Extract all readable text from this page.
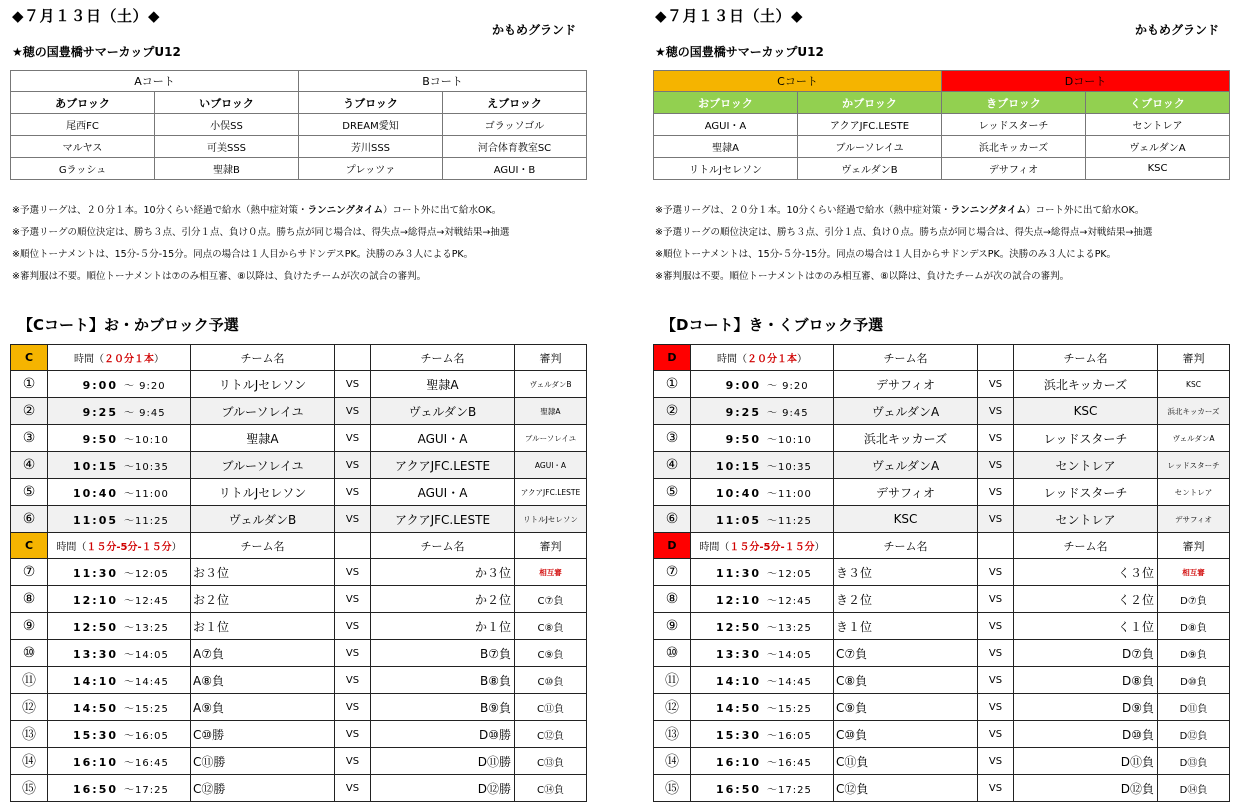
◆７月１３日（土）◆
かもめグランド
★穂の国豊橋サマーカップU12
Aコート		Bコート	
あブロック	いブロック	うブロック	えブロック
尾西FC	小俣SS	DREAM愛知	ゴラッソゴル
マルヤス	可美SSS	芳川SSS	河合体育教室SC
Gラッシュ	聖隷B	プレッツァ	AGUI・B
※予選リーグは、２０分１本。10分くらい経過で給水（熱中症対策・ランニングタイム）コート外に出て給水OK。
※予選リーグの順位決定は、勝ち３点、引分１点、負け０点。勝ち点が同じ場合は、得失点→総得点→対戦結果→抽選
※順位トーナメントは、15分-５分-15分。同点の場合は１人目からサドンデスPK。決勝のみ３人によるPK。
※審判服は不要。順位トーナメントは⑦のみ相互審、⑧以降は、負けたチームが次の試合の審判。
【Cコート】お・かブロック予選
C	時間（２０分１本）	チーム名		チーム名	審判
①	9:00 ～ 9:20	リトルJセレソン	VS	聖隷A	ヴェルダンB
②	9:25 ～ 9:45	ブルーソレイユ	VS	ヴェルダンB	聖隷A
③	9:50 ～10:10	聖隷A	VS	AGUI・A	ブルーソレイユ
④	10:15 ～10:35	ブルーソレイユ	VS	アクアJFC.LESTE	AGUI・A
⑤	10:40 ～11:00	リトルJセレソン	VS	AGUI・A	アクアJFC.LESTE
⑥	11:05 ～11:25	ヴェルダンB	VS	アクアJFC.LESTE	リトルJセレソン
C	時間（１５分-5分-１５分）	チーム名		チーム名	審判
⑦	11:30 ～12:05	お３位	VS	か３位	相互審
⑧	12:10 ～12:45	お２位	VS	か２位	C⑦負
⑨	12:50 ～13:25	お１位	VS	か１位	C⑧負
⑩	13:30 ～14:05	A⑦負	VS	B⑦負	C⑨負
⑪	14:10 ～14:45	A⑧負	VS	B⑧負	C⑩負
⑫	14:50 ～15:25	A⑨負	VS	B⑨負	C⑪負
⑬	15:30 ～16:05	C⑩勝	VS	D⑩勝	C⑫負
⑭	16:10 ～16:45	C⑪勝	VS	D⑪勝	C⑬負
⑮	16:50 ～17:25	C⑫勝	VS	D⑫勝	C⑭負
◆７月１３日（土）◆
かもめグランド
★穂の国豊橋サマーカップU12
Cコート		Dコート	
おブロック	かブロック	きブロック	くブロック
AGUI・A	アクアJFC.LESTE	レッドスターチ	セントレア
聖隷A	ブルーソレイユ	浜北キッカーズ	ヴェルダンA
リトルJセレソン	ヴェルダンB	デサフィオ	KSC
※予選リーグは、２０分１本。10分くらい経過で給水（熱中症対策・ランニングタイム）コート外に出て給水OK。
※予選リーグの順位決定は、勝ち３点、引分１点、負け０点。勝ち点が同じ場合は、得失点→総得点→対戦結果→抽選
※順位トーナメントは、15分-５分-15分。同点の場合は１人目からサドンデスPK。決勝のみ３人によるPK。
※審判服は不要。順位トーナメントは⑦のみ相互審、⑧以降は、負けたチームが次の試合の審判。
【Dコート】き・くブロック予選
D	時間（２０分１本）	チーム名		チーム名	審判
①	9:00 ～ 9:20	デサフィオ	VS	浜北キッカーズ	KSC
②	9:25 ～ 9:45	ヴェルダンA	VS	KSC	浜北キッカーズ
③	9:50 ～10:10	浜北キッカーズ	VS	レッドスターチ	ヴェルダンA
④	10:15 ～10:35	ヴェルダンA	VS	セントレア	レッドスターチ
⑤	10:40 ～11:00	デサフィオ	VS	レッドスターチ	セントレア
⑥	11:05 ～11:25	KSC	VS	セントレア	デサフィオ
D	時間（１５分-5分-１５分）	チーム名		チーム名	審判
⑦	11:30 ～12:05	き３位	VS	く３位	相互審
⑧	12:10 ～12:45	き２位	VS	く２位	D⑦負
⑨	12:50 ～13:25	き１位	VS	く１位	D⑧負
⑩	13:30 ～14:05	C⑦負	VS	D⑦負	D⑨負
⑪	14:10 ～14:45	C⑧負	VS	D⑧負	D⑩負
⑫	14:50 ～15:25	C⑨負	VS	D⑨負	D⑪負
⑬	15:30 ～16:05	C⑩負	VS	D⑩負	D⑫負
⑭	16:10 ～16:45	C⑪負	VS	D⑪負	D⑬負
⑮	16:50 ～17:25	C⑫負	VS	D⑫負	D⑭負
